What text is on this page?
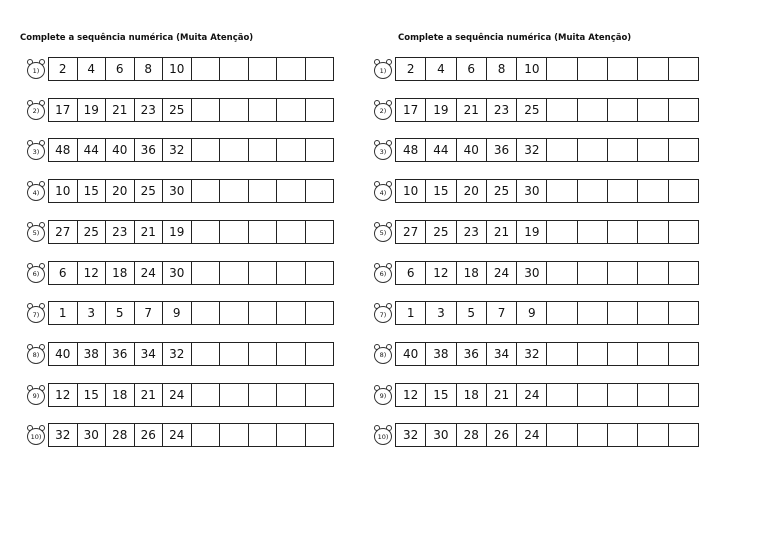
Complete a sequência numérica (Muita Atenção)
1)	2	4	6	8	10
2)	17	19	21	23	25
3)	48	44	40	36	32
4)	10	15	20	25	30
5)	27	25	23	21	19
6)	6	12	18	24	30
7)	1	3	5	7	9
8)	40	38	36	34	32
9)	12	15	18	21	24
10)	32	30	28	26	24
Complete a sequência numérica (Muita Atenção)
1)	2	4	6	8	10
2)	17	19	21	23	25
3)	48	44	40	36	32
4)	10	15	20	25	30
5)	27	25	23	21	19
6)	6	12	18	24	30
7)	1	3	5	7	9
8)	40	38	36	34	32
9)	12	15	18	21	24
10)	32	30	28	26	24
